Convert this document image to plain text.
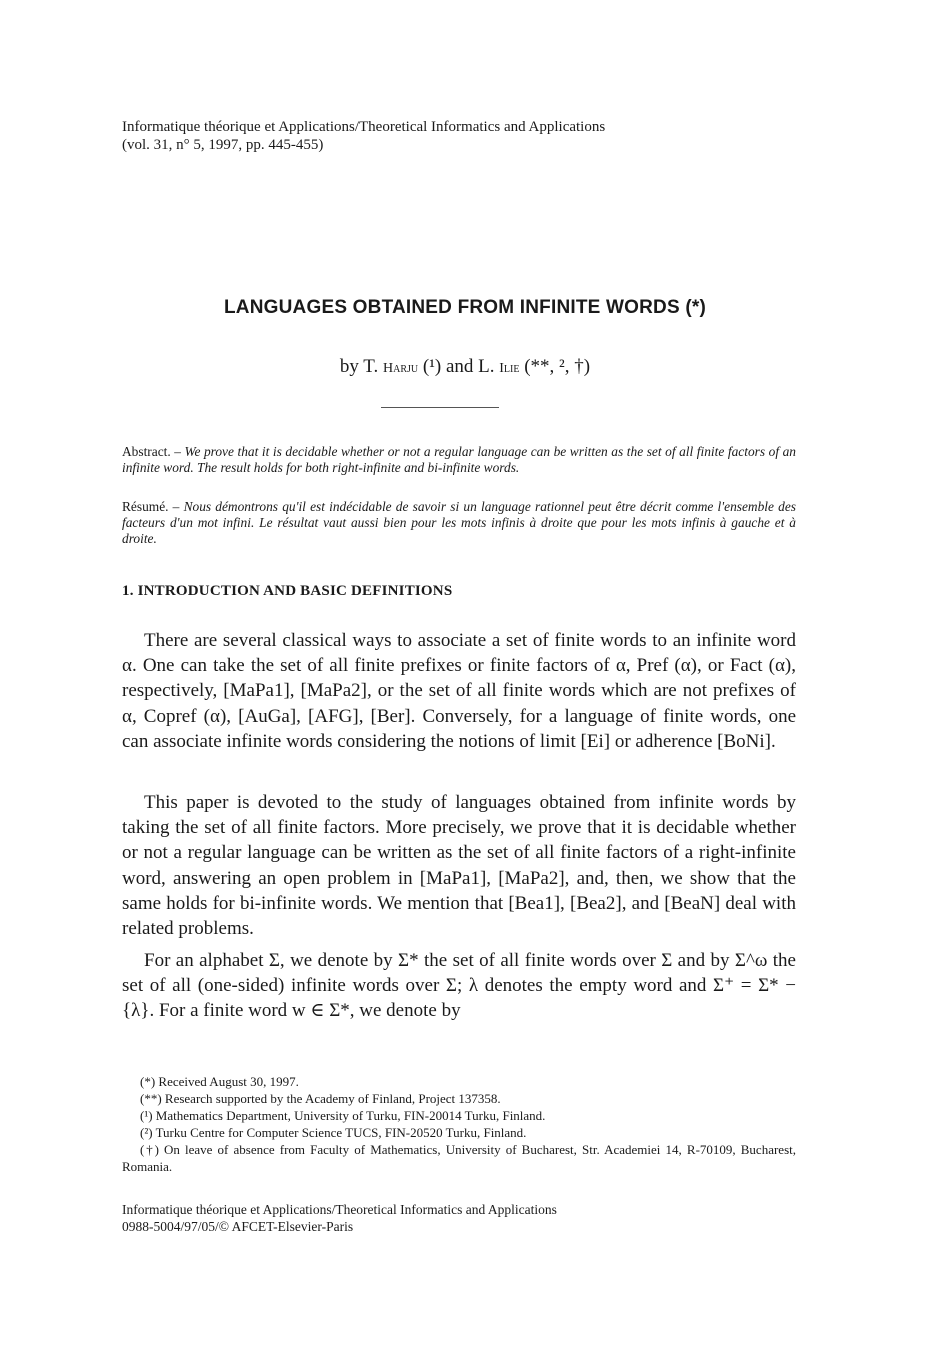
Informatique théorique et Applications/Theoretical Informatics and Applications
(vol. 31, n° 5, 1997, pp. 445-455)
LANGUAGES OBTAINED FROM INFINITE WORDS (*)
by T. Harju (¹) and L. Ilie (**, ², †)
Abstract. – We prove that it is decidable whether or not a regular language can be written as the set of all finite factors of an infinite word. The result holds for both right-infinite and bi-infinite words.
Résumé. – Nous démontrons qu'il est indécidable de savoir si un language rationnel peut être décrit comme l'ensemble des facteurs d'un mot infini. Le résultat vaut aussi bien pour les mots infinis à droite que pour les mots infinis à gauche et à droite.
1. INTRODUCTION AND BASIC DEFINITIONS
There are several classical ways to associate a set of finite words to an infinite word α. One can take the set of all finite prefixes or finite factors of α, Pref (α), or Fact (α), respectively, [MaPa1], [MaPa2], or the set of all finite words which are not prefixes of α, Copref (α), [AuGa], [AFG], [Ber]. Conversely, for a language of finite words, one can associate infinite words considering the notions of limit [Ei] or adherence [BoNi].
This paper is devoted to the study of languages obtained from infinite words by taking the set of all finite factors. More precisely, we prove that it is decidable whether or not a regular language can be written as the set of all finite factors of a right-infinite word, answering an open problem in [MaPa1], [MaPa2], and, then, we show that the same holds for bi-infinite words. We mention that [Bea1], [Bea2], and [BeaN] deal with related problems.
For an alphabet Σ, we denote by Σ* the set of all finite words over Σ and by Σ^ω the set of all (one-sided) infinite words over Σ; λ denotes the empty word and Σ⁺ = Σ* − {λ}. For a finite word w ∈ Σ*, we denote by
(*) Received August 30, 1997.
(**) Research supported by the Academy of Finland, Project 137358.
(¹) Mathematics Department, University of Turku, FIN-20014 Turku, Finland.
(²) Turku Centre for Computer Science TUCS, FIN-20520 Turku, Finland.
(†) On leave of absence from Faculty of Mathematics, University of Bucharest, Str. Academiei 14, R-70109, Bucharest, Romania.
Informatique théorique et Applications/Theoretical Informatics and Applications
0988-5004/97/05/© AFCET-Elsevier-Paris
